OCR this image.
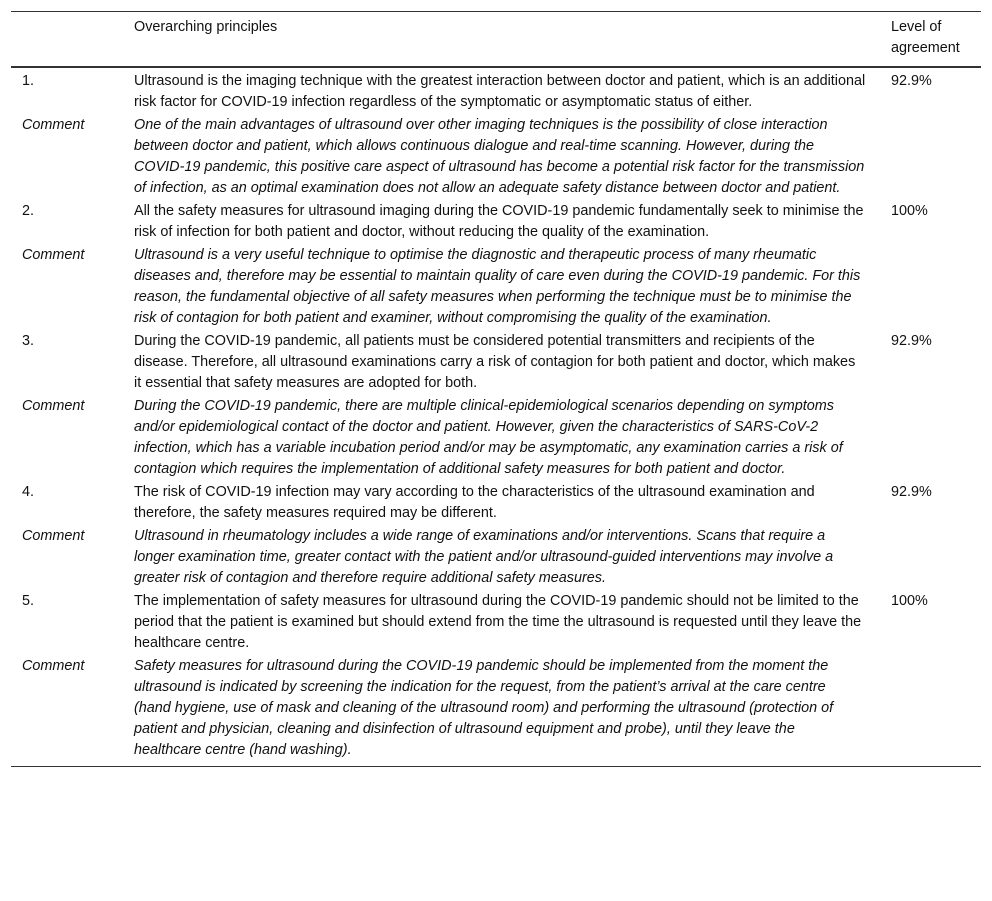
	Overarching principles	Level of agreement
1.	Ultrasound is the imaging technique with the greatest interaction between doctor and patient, which is an additional risk factor for COVID-19 infection regardless of the symptomatic or asymptomatic status of either.	92.9%
Comment	One of the main advantages of ultrasound over other imaging techniques is the possibility of close interaction between doctor and patient, which allows continuous dialogue and real-time scanning. However, during the COVID-19 pandemic, this positive care aspect of ultrasound has become a potential risk factor for the transmission of infection, as an optimal examination does not allow an adequate safety distance between doctor and patient.	
2.	All the safety measures for ultrasound imaging during the COVID-19 pandemic fundamentally seek to minimise the risk of infection for both patient and doctor, without reducing the quality of the examination.	100%
Comment	Ultrasound is a very useful technique to optimise the diagnostic and therapeutic process of many rheumatic diseases and, therefore may be essential to maintain quality of care even during the COVID-19 pandemic. For this reason, the fundamental objective of all safety measures when performing the technique must be to minimise the risk of contagion for both patient and examiner, without compromising the quality of the examination.	
3.	During the COVID-19 pandemic, all patients must be considered potential transmitters and recipients of the disease. Therefore, all ultrasound examinations carry a risk of contagion for both patient and doctor, which makes it essential that safety measures are adopted for both.	92.9%
Comment	During the COVID-19 pandemic, there are multiple clinical-epidemiological scenarios depending on symptoms and/or epidemiological contact of the doctor and patient. However, given the characteristics of SARS-CoV-2 infection, which has a variable incubation period and/or may be asymptomatic, any examination carries a risk of contagion which requires the implementation of additional safety measures for both patient and doctor.	
4.	The risk of COVID-19 infection may vary according to the characteristics of the ultrasound examination and therefore, the safety measures required may be different.	92.9%
Comment	Ultrasound in rheumatology includes a wide range of examinations and/or interventions. Scans that require a longer examination time, greater contact with the patient and/or ultrasound-guided interventions may involve a greater risk of contagion and therefore require additional safety measures.	
5.	The implementation of safety measures for ultrasound during the COVID-19 pandemic should not be limited to the period that the patient is examined but should extend from the time the ultrasound is requested until they leave the healthcare centre.	100%
Comment	Safety measures for ultrasound during the COVID-19 pandemic should be implemented from the moment the ultrasound is indicated by screening the indication for the request, from the patient’s arrival at the care centre (hand hygiene, use of mask and cleaning of the ultrasound room) and performing the ultrasound (protection of patient and physician, cleaning and disinfection of ultrasound equipment and probe), until they leave the healthcare centre (hand washing).	
